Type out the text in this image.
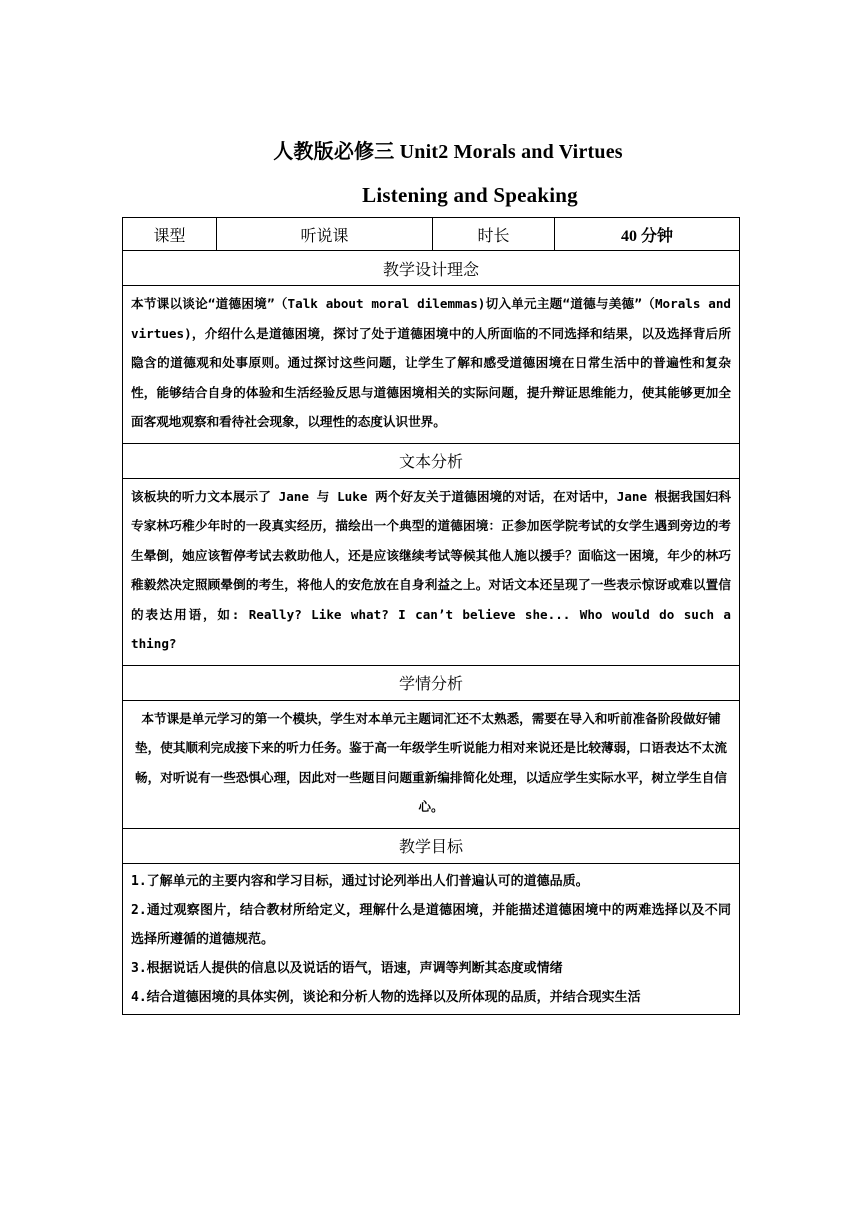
人教版必修三 Unit2 Morals and Virtues
Listening and Speaking
课型	听说课	时长	40 分钟
教学设计理念
本节课以谈论“道德困境”（Talk about moral dilemmas)切入单元主题“道德与美德”（Morals and virtues)，介绍什么是道德困境，探讨了处于道德困境中的人所面临的不同选择和结果，以及选择背后所隐含的道德观和处事原则。通过探讨这些问题，让学生了解和感受道德困境在日常生活中的普遍性和复杂性，能够结合自身的体验和生活经验反思与道德困境相关的实际问题，提升辩证思维能力，使其能够更加全面客观地观察和看待社会现象，以理性的态度认识世界。
文本分析
该板块的听力文本展示了 Jane 与 Luke 两个好友关于道德困境的对话，在对话中，Jane 根据我国妇科专家林巧稚少年时的一段真实经历，描绘出一个典型的道德困境：正参加医学院考试的女学生遇到旁边的考生晕倒，她应该暂停考试去救助他人，还是应该继续考试等候其他人施以援手？面临这一困境，年少的林巧稚毅然决定照顾晕倒的考生，将他人的安危放在自身利益之上。对话文本还呈现了一些表示惊讶或难以置信的表达用语，如: Really? Like what? I can’t believe she... Who would do such a thing?
学情分析
本节课是单元学习的第一个模块，学生对本单元主题词汇还不太熟悉，需要在导入和听前准备阶段做好铺垫，使其顺利完成接下来的听力任务。鉴于高一年级学生听说能力相对来说还是比较薄弱，口语表达不太流畅，对听说有一些恐惧心理，因此对一些题目问题重新编排简化处理，以适应学生实际水平，树立学生自信心。
教学目标

1.了解单元的主要内容和学习目标，通过讨论列举出人们普遍认可的道德品质。
2.通过观察图片，结合教材所给定义，理解什么是道德困境，并能描述道德困境中的两难选择以及不同选择所遵循的道德规范。
3.根据说话人提供的信息以及说话的语气，语速，声调等判断其态度或情绪
4.结合道德困境的具体实例，谈论和分析人物的选择以及所体现的品质，并结合现实生活
